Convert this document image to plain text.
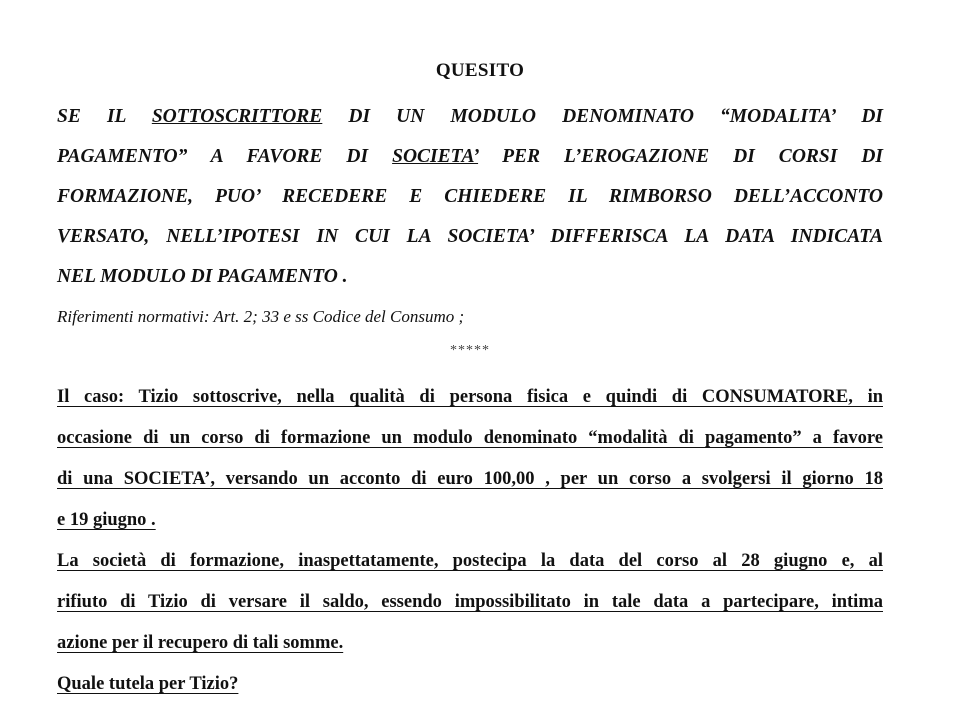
QUESITO
SE IL SOTTOSCRITTORE DI UN MODULO DENOMINATO “MODALITA’ DI
PAGAMENTO” A FAVORE DI SOCIETA’ PER L’EROGAZIONE DI CORSI DI
FORMAZIONE, PUO’ RECEDERE E CHIEDERE IL RIMBORSO DELL’ACCONTO
VERSATO, NELL’IPOTESI IN CUI LA SOCIETA’ DIFFERISCA LA DATA INDICATA
NEL MODULO DI PAGAMENTO .
Riferimenti normativi: Art. 2; 33 e ss Codice del Consumo ;
*****
Il caso: Tizio sottoscrive, nella qualità di persona fisica e quindi di CONSUMATORE, in
occasione di un corso di formazione un modulo denominato “modalità di pagamento” a favore
di una SOCIETA’, versando un acconto di euro 100,00 , per un corso a svolgersi il giorno 18
e 19 giugno .
La società di formazione, inaspettatamente, postecipa la data del corso al 28 giugno e, al
rifiuto di Tizio di versare il saldo, essendo impossibilitato in tale data a partecipare, intima
azione per il recupero di tali somme.
Quale tutela per Tizio?
